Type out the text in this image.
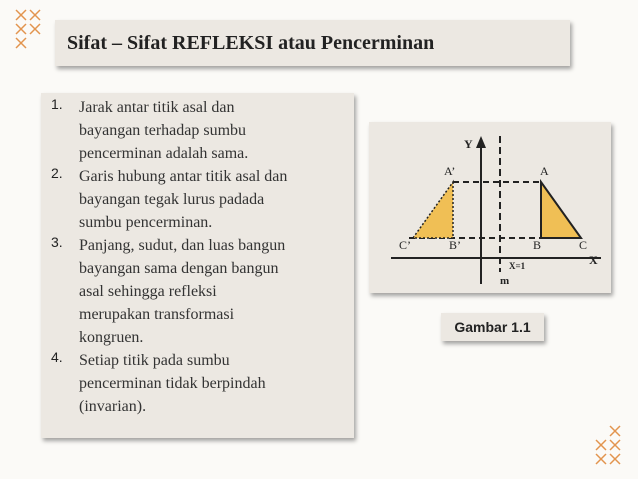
Sifat – Sifat REFLEKSI atau Pencerminan
1. Jarak antar titik asal dan
bayangan terhadap sumbu
pencerminan adalah sama.
2. Garis hubung antar titik asal dan
bayangan tegak lurus padada
sumbu pencerminan.
3. Panjang, sudut, dan luas bangun
bayangan sama dengan bangun
asal sehingga refleksi
merupakan transformasi
kongruen.
4. Setiap titik pada sumbu
pencerminan tidak berpindah
(invarian).
Y
X
A’	A
C’	B’	B	C
X=1
m
Gambar 1.1
